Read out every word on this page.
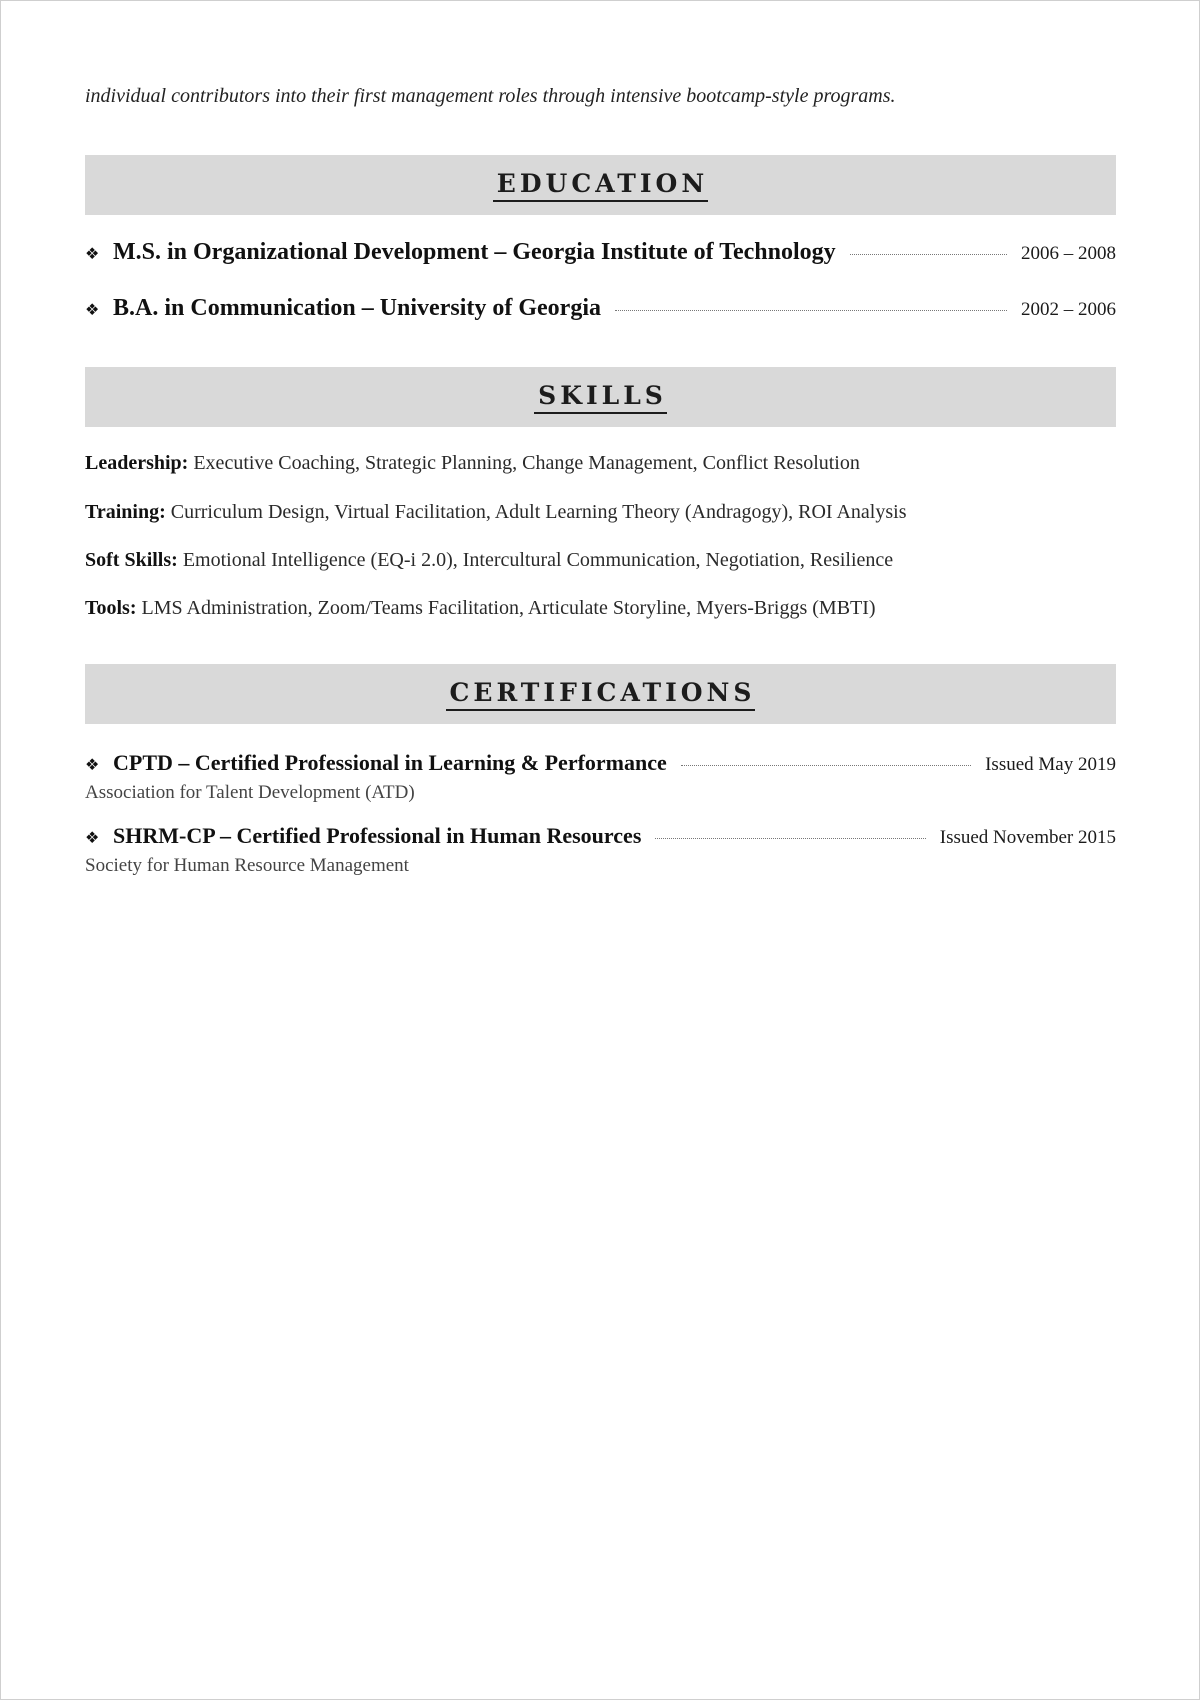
individual contributors into their first management roles through intensive bootcamp-style programs.
EDUCATION
❖ M.S. in Organizational Development – Georgia Institute of Technology	2006 – 2008
❖ B.A. in Communication – University of Georgia	2002 – 2006
SKILLS
Leadership: Executive Coaching, Strategic Planning, Change Management, Conflict Resolution
Training: Curriculum Design, Virtual Facilitation, Adult Learning Theory (Andragogy), ROI Analysis
Soft Skills: Emotional Intelligence (EQ-i 2.0), Intercultural Communication, Negotiation, Resilience
Tools: LMS Administration, Zoom/Teams Facilitation, Articulate Storyline, Myers-Briggs (MBTI)
CERTIFICATIONS
❖ CPTD – Certified Professional in Learning & Performance	Issued May 2019
Association for Talent Development (ATD)
❖ SHRM-CP – Certified Professional in Human Resources	Issued November 2015
Society for Human Resource Management
